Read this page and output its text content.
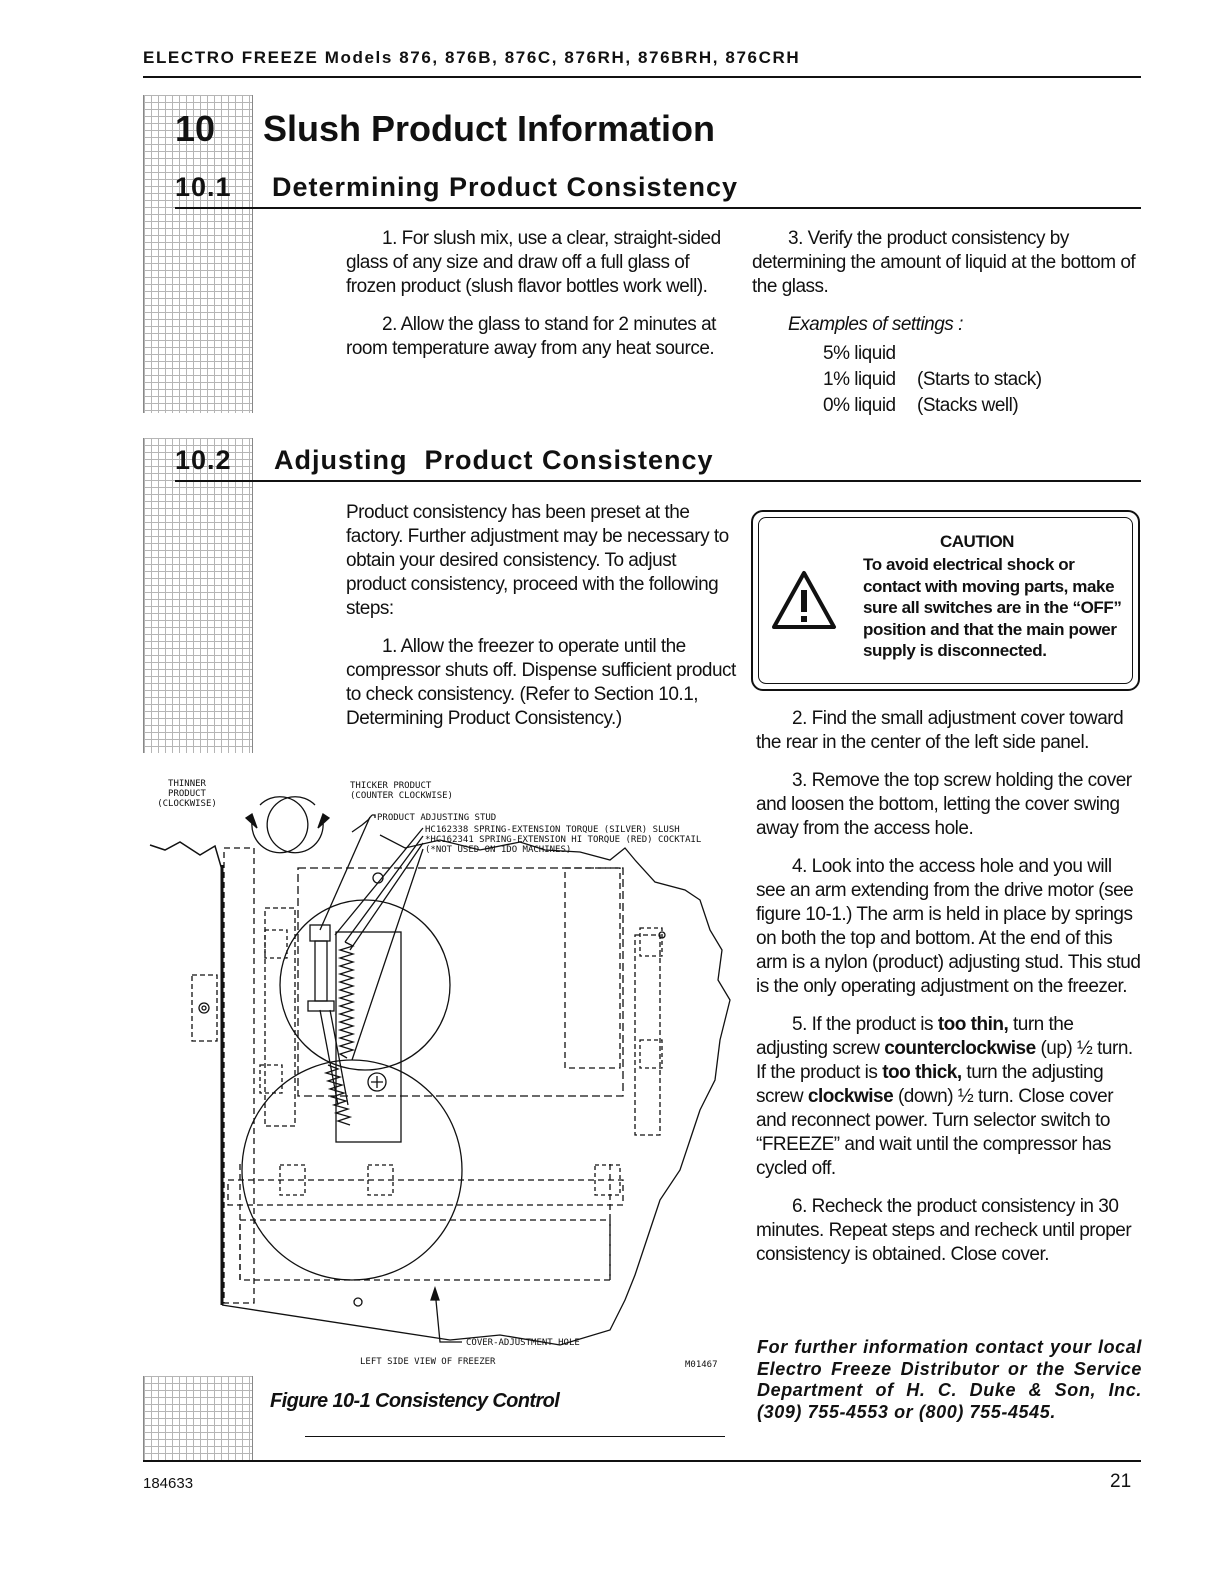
ELECTRO FREEZE Models 876, 876B, 876C, 876RH, 876BRH, 876CRH
10 Slush Product Information
10.1 Determining Product Consistency

1. For slush mix, use a clear, straight-sided glass of any size and draw off a full glass of frozen product (slush flavor bottles work well).

2. Allow the glass to stand for 2 minutes at room temperature away from any heat source.

3. Verify the product consistency by determining the amount of liquid at the bottom of the glass.

Examples of settings :
5% liquid
1% liquid (Starts to stack)
0% liquid (Stacks well)
10.2 Adjusting  Product Consistency

Product consistency has been preset at the factory. Further adjustment may be necessary to obtain your desired consistency. To adjust product consistency, proceed with the following steps:

1. Allow the freezer to operate until the compressor shuts off. Dispense sufficient product to check consistency. (Refer to Section 10.1, Determining Product Consistency.)

CAUTION
To avoid electrical shock or contact with moving parts, make sure all switches are in the “OFF” position and that the main power supply is disconnected.

2. Find the small adjustment cover toward the rear in the center of the left side panel.

3. Remove the top screw holding the cover and loosen the bottom, letting the cover swing away from the access hole.

4. Look into the access hole and you will see an arm extending from the drive motor (see figure 10-1.) The arm is held in place by springs on both the top and bottom. At the end of this arm is a nylon (product) adjusting stud. This stud is the only operating adjustment on the freezer.

5. If the product is too thin, turn the adjusting screw counterclockwise (up) ½ turn. If the product is too thick, turn the adjusting screw clockwise (down) ½ turn. Close cover and reconnect power. Turn selector switch to “FREEZE” and wait until the compressor has cycled off.

6. Recheck the product consistency in 30 minutes. Repeat steps and recheck until proper consistency is obtained. Close cover.

For further information contact your local Electro Freeze Distributor or the Service Department of H. C. Duke & Son, Inc. (309) 755-4553 or (800) 755-4545.
THINNER
PRODUCT
(CLOCKWISE)
THICKER PRODUCT
(COUNTER CLOCKWISE)
PRODUCT ADJUSTING STUD
HC162338 SPRING-EXTENSION TORQUE (SILVER) SLUSH
*HC162341 SPRING-EXTENSION HI TORQUE (RED) COCKTAIL
(*NOT USED ON 1DO MACHINES)
COVER-ADJUSTMENT HOLE
LEFT SIDE VIEW OF FREEZER	M01467
Figure 10-1 Consistency Control
184633	21
